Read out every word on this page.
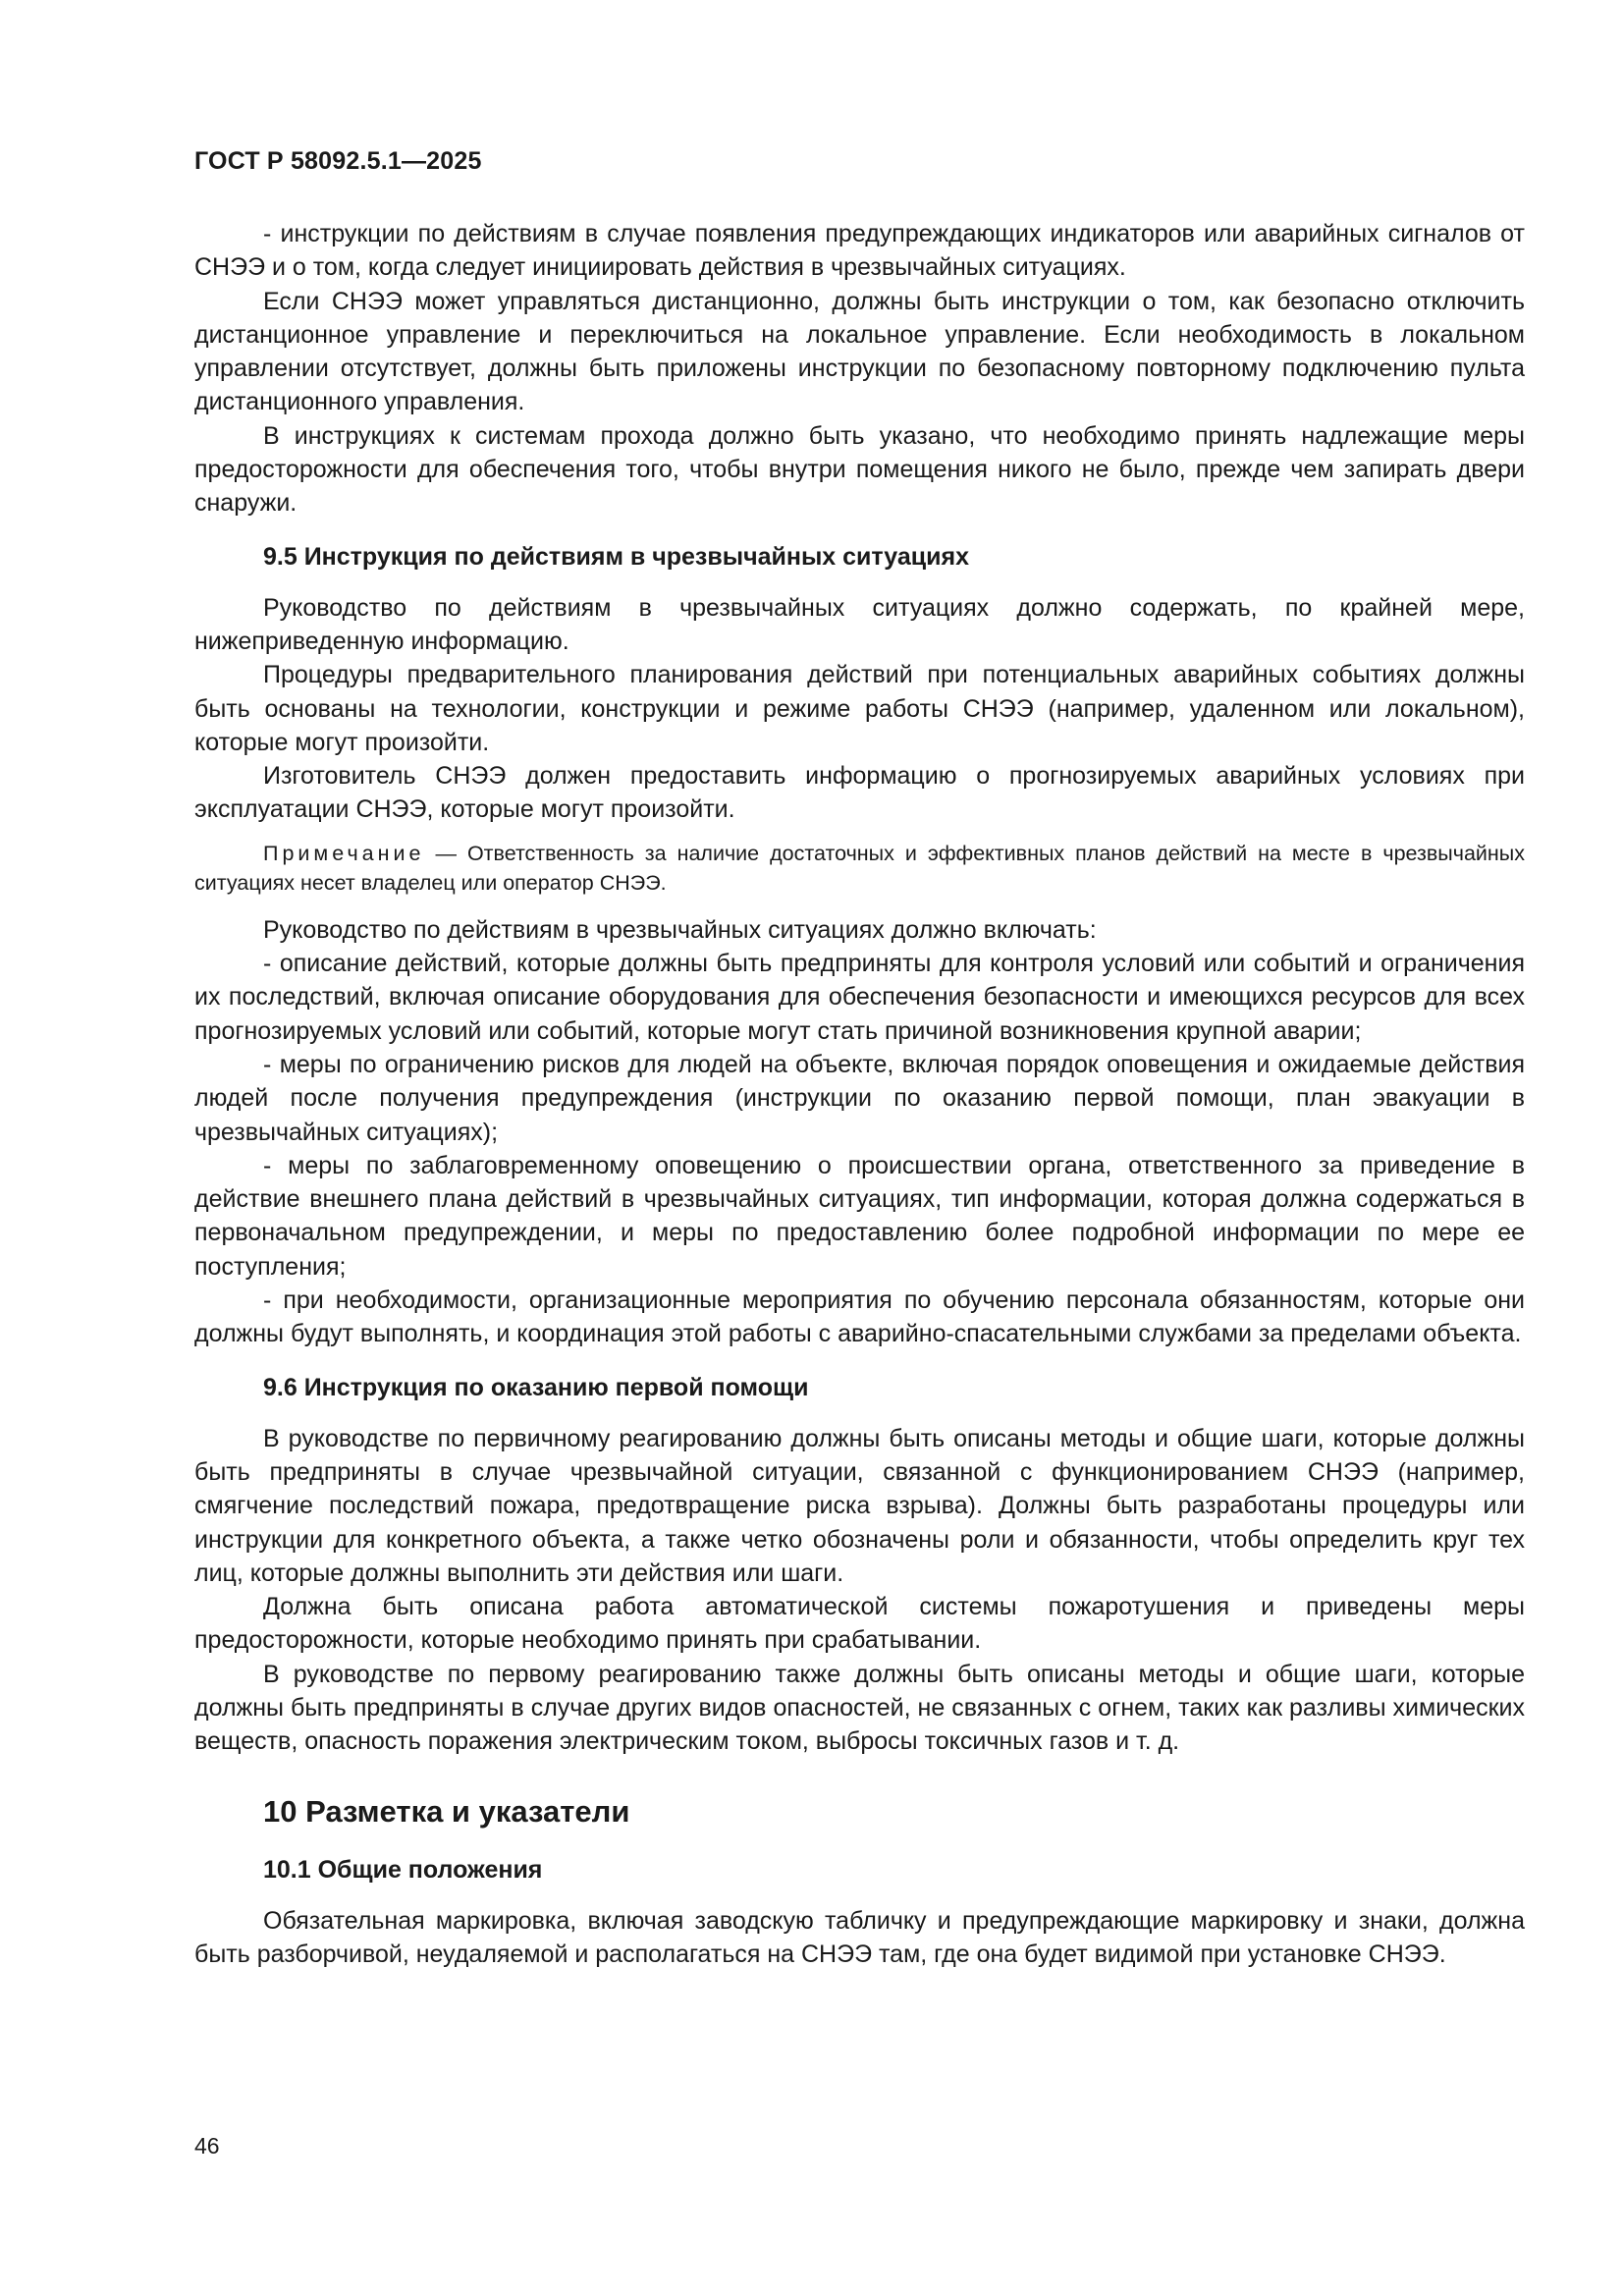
ГОСТ Р 58092.5.1—2025

- инструкции по действиям в случае появления предупреждающих индикаторов или аварийных сигналов от СНЭЭ и о том, когда следует инициировать действия в чрезвычайных ситуациях.

Если СНЭЭ может управляться дистанционно, должны быть инструкции о том, как безопасно отключить дистанционное управление и переключиться на локальное управление. Если необходимость в локальном управлении отсутствует, должны быть приложены инструкции по безопасному повторному подключению пульта дистанционного управления.

В инструкциях к системам прохода должно быть указано, что необходимо принять надлежащие меры предосторожности для обеспечения того, чтобы внутри помещения никого не было, прежде чем запирать двери снаружи.

9.5 Инструкция по действиям в чрезвычайных ситуациях

Руководство по действиям в чрезвычайных ситуациях должно содержать, по крайней мере, нижеприведенную информацию.

Процедуры предварительного планирования действий при потенциальных аварийных событиях должны быть основаны на технологии, конструкции и режиме работы СНЭЭ (например, удаленном или локальном), которые могут произойти.

Изготовитель СНЭЭ должен предоставить информацию о прогнозируемых аварийных условиях при эксплуатации СНЭЭ, которые могут произойти.

Примечание — Ответственность за наличие достаточных и эффективных планов действий на месте в чрезвычайных ситуациях несет владелец или оператор СНЭЭ.

Руководство по действиям в чрезвычайных ситуациях должно включать:

- описание действий, которые должны быть предприняты для контроля условий или событий и ограничения их последствий, включая описание оборудования для обеспечения безопасности и имеющихся ресурсов для всех прогнозируемых условий или событий, которые могут стать причиной возникновения крупной аварии;

- меры по ограничению рисков для людей на объекте, включая порядок оповещения и ожидаемые действия людей после получения предупреждения (инструкции по оказанию первой помощи, план эвакуации в чрезвычайных ситуациях);

- меры по заблаговременному оповещению о происшествии органа, ответственного за приведение в действие внешнего плана действий в чрезвычайных ситуациях, тип информации, которая должна содержаться в первоначальном предупреждении, и меры по предоставлению более подробной информации по мере ее поступления;

- при необходимости, организационные мероприятия по обучению персонала обязанностям, которые они должны будут выполнять, и координация этой работы с аварийно-спасательными службами за пределами объекта.

9.6 Инструкция по оказанию первой помощи

В руководстве по первичному реагированию должны быть описаны методы и общие шаги, которые должны быть предприняты в случае чрезвычайной ситуации, связанной с функционированием СНЭЭ (например, смягчение последствий пожара, предотвращение риска взрыва). Должны быть разработаны процедуры или инструкции для конкретного объекта, а также четко обозначены роли и обязанности, чтобы определить круг тех лиц, которые должны выполнить эти действия или шаги.

Должна быть описана работа автоматической системы пожаротушения и приведены меры предосторожности, которые необходимо принять при срабатывании.

В руководстве по первому реагированию также должны быть описаны методы и общие шаги, которые должны быть предприняты в случае других видов опасностей, не связанных с огнем, таких как разливы химических веществ, опасность поражения электрическим током, выбросы токсичных газов и т. д.

10 Разметка и указатели
10.1 Общие положения

Обязательная маркировка, включая заводскую табличку и предупреждающие маркировку и знаки, должна быть разборчивой, неудаляемой и располагаться на СНЭЭ там, где она будет видимой при установке СНЭЭ.

46
